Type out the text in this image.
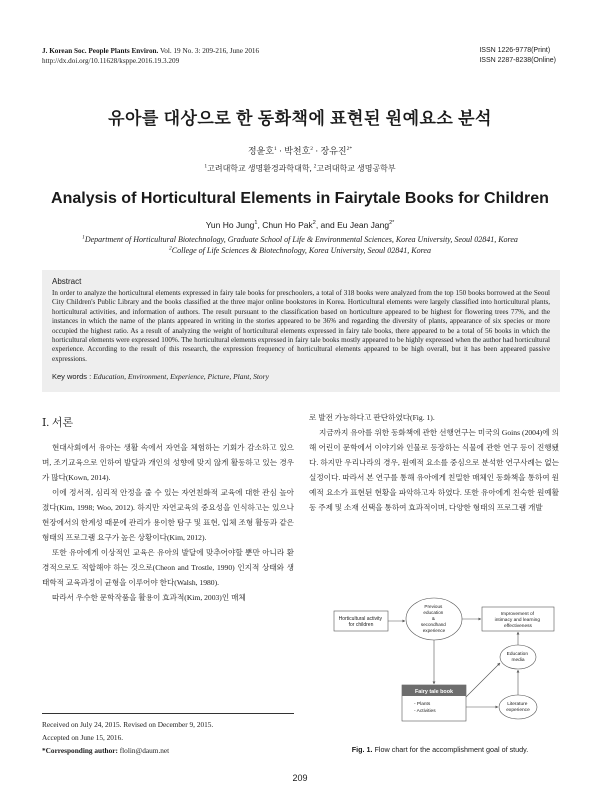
J. Korean Soc. People Plants Environ. Vol. 19 No. 3: 209-216, June 2016
http://dx.doi.org/10.11628/ksppe.2016.19.3.209
ISSN 1226-9778(Print)
ISSN 2287-8238(Online)
유아를 대상으로 한 동화책에 표현된 원예요소 분석
정윤호$^1$ · 박천호$^2$ · 장유진$^{2*}$
$^1$고려대학교 생명환경과학대학, $^2$고려대학교 생명공학부
Analysis of Horticultural Elements in Fairytale Books for Children
Yun Ho Jung$^1$, Chun Ho Pak$^2$, and Eu Jean Jang$^{2*}$
$^1$Department of Horticultural Biotechnology, Graduate School of Life & Environmental Sciences, Korea University, Seoul 02841, Korea
$^2$College of Life Sciences & Biotechnology, Korea University, Seoul 02841, Korea
Abstract
In order to analyze the horticultural elements expressed in fairy tale books for preschoolers, a total of 318 books were analyzed from the top 150 books borrowed at the Seoul City Children's Public Library and the books classified at the three major online bookstores in Korea. Horticultural elements were largely classified into horticultural plants, horticultural activities, and information of authors. The result pursuant to the classification based on horticulture appeared to be highest for flowering trees 77%, and the instances in which the name of the plants appeared in writing in the stories appeared to be 36% and regarding the diversity of plants, appearance of six species or more occupied the highest ratio. As a result of analyzing the weight of horticultural elements expressed in fairy tale books, there appeared to be a total of 56 books in which the horticultural elements were expressed 100%. The horticultural elements expressed in fairy tale books mostly appeared to be highly expressed when the author had horticultural experience. According to the result of this research, the expression frequency of horticultural elements appeared to be high overall, but it has been appeared passive expressions.
Key words : Education, Environment, Experience, Picture, Plant, Story
Ⅰ. 서론

현대사회에서 유아는 생활 속에서 자연을 체험하는 기회가 감소하고 있으며, 조기교육으로 인하여 발달과 개인의 성향에 맞지 않게 활동하고 있는 경우가 많다(Kown, 2014).

이에 정서적, 심리적 안정을 줄 수 있는 자연친화적 교육에 대한 관심 높아졌다(Kim, 1998; Woo, 2012). 하지만 자연교육의 중요성을 인식하고는 있으나 현장에서의 한계성 때문에 관리가 용이한 탐구 및 표현, 입체 조형 활동과 같은 형태의 프로그램 요구가 높은 상황이다(Kim, 2012).

또한 유아에게 이상적인 교육은 유아의 발달에 맞추어야할 뿐만 아니라 환경적으로도 적합해야 하는 것으로(Cheon and Trostle, 1990) 인지적 상태와 생태학적 교육과정이 균형을 이루어야 한다(Walsh, 1980).

따라서 우수한 문학작품을 활용이 효과적(Kim, 2003)인 매체

로 발전 가능하다고 판단하였다(Fig. 1).

지금까지 유아를 위한 동화책에 관한 선행연구는 미국의 Goins (2004)에 의해 어린이 문학에서 이야기와 인물로 등장하는 식물에 관한 연구 등이 진행됐다. 하지만 우리나라의 경우, 원예적 요소를 중심으로 분석한 연구사례는 없는 실정이다. 따라서 본 연구를 통해 유아에게 친밀한 매체인 동화책을 통하여 원예적 요소가 표현된 현황을 파악하고자 하였다. 또한 유아에게 친숙한 원예활동 주제 및 소재 선택을 통하여 효과적이며, 다양한 형태의 프로그램 개발

Received on July 24, 2015. Revised on December 9, 2015.
Accepted on June 15, 2016.
*Corresponding author: flolin@daum.net
Horticultural activity for children
Previous education & secondhand experience
Improvement of intimacy and learning effectiveness
Education media
Fairy tale book
- Plants - Activities
Literature experience
Fig. 1. Flow chart for the accomplishment goal of study.
209
